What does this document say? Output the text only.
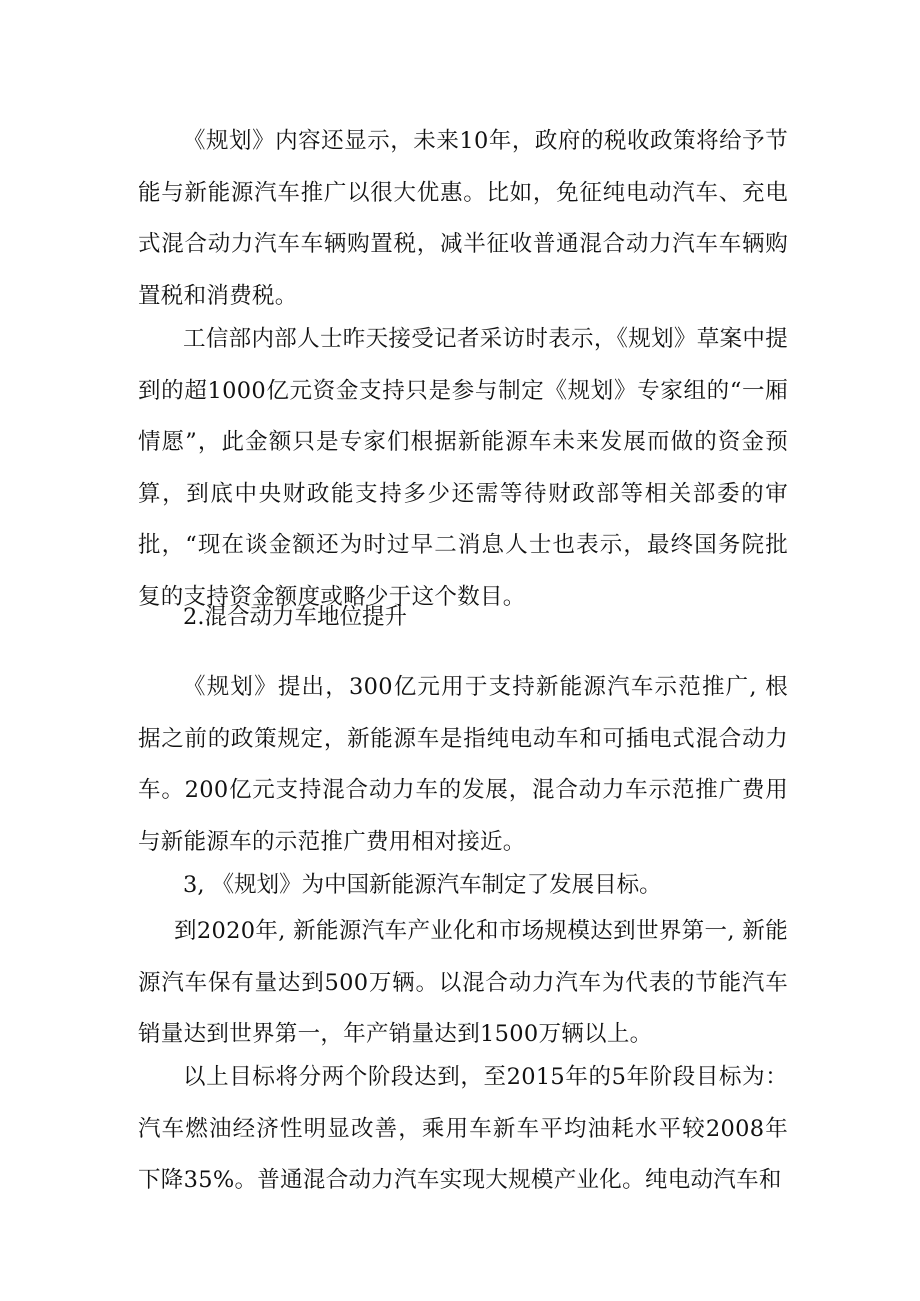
《规划》内容还显示，未来10年，政府的税收政策将给予节能与新能源汽车推广以很大优惠。比如，免征纯电动汽车、充电式混合动力汽车车辆购置税，减半征收普通混合动力汽车车辆购置税和消费税。

工信部内部人士昨天接受记者采访时表示，《规划》草案中提到的超1000亿元资金支持只是参与制定《规划》专家组的“一厢情愿”，此金额只是专家们根据新能源车未来发展而做的资金预算，到底中央财政能支持多少还需等待财政部等相关部委的审批，“现在谈金额还为时过早二消息人士也表示，最终国务院批复的支持资金额度或略少于这个数目。

2.混合动力车地位提升

《规划》提出，300亿元用于支持新能源汽车示范推广, 根据之前的政策规定，新能源车是指纯电动车和可插电式混合动力车。200亿元支持混合动力车的发展，混合动力车示范推广费用与新能源车的示范推广费用相对接近。

3, 《规划》为中国新能源汽车制定了发展目标。

到2020年, 新能源汽车产业化和市场规模达到世界第一, 新能源汽车保有量达到500万辆。以混合动力汽车为代表的节能汽车销量达到世界第一，年产销量达到1500万辆以上。

以上目标将分两个阶段达到，至2015年的5年阶段目标为：汽车燃油经济性明显改善，乘用车新车平均油耗水平较2008年下降35%。普通混合动力汽车实现大规模产业化。纯电动汽车和
